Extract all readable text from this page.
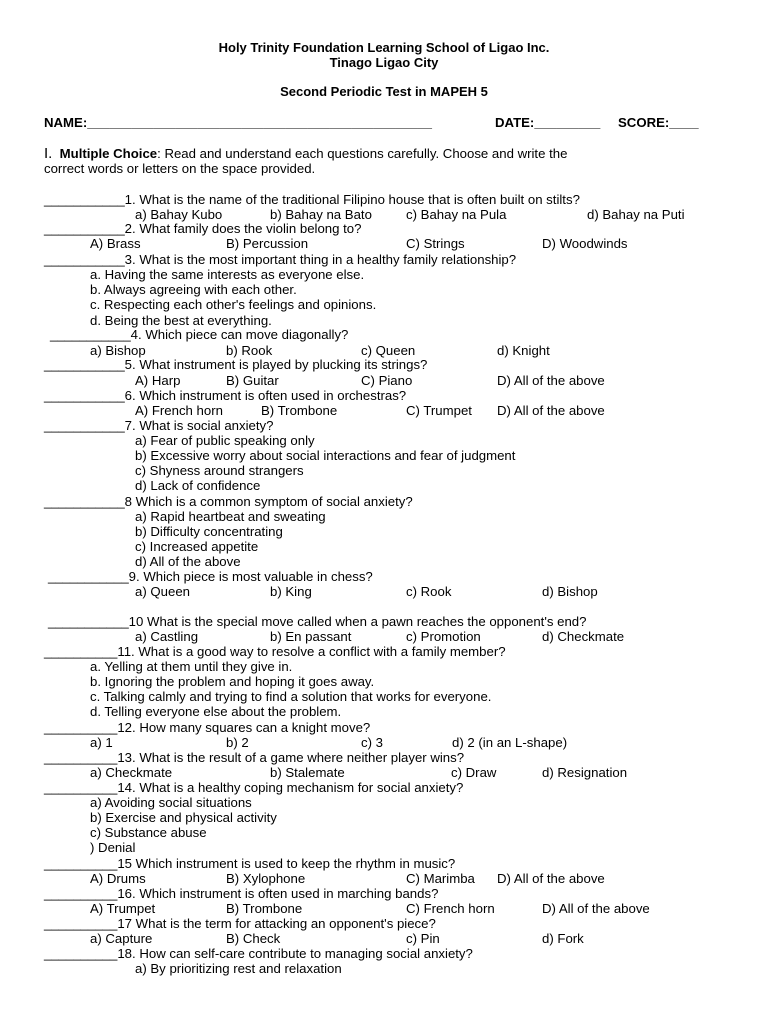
Holy Trinity Foundation Learning School of Ligao Inc.
Tinago Ligao City
Second Periodic Test in MAPEH 5
NAME:_______________________________________________	DATE:_________ SCORE:____
I. Multiple Choice: Read and understand each questions carefully. Choose and write the
correct words or letters on the space provided.
___________1. What is the name of the traditional Filipino house that is often built on stilts?
a) Bahay Kubo	b) Bahay na Bato	c) Bahay na Pula	d) Bahay na Puti
___________2. What family does the violin belong to?
A) Brass	B) Percussion	C) Strings	D) Woodwinds
___________3. What is the most important thing in a healthy family relationship?
a. Having the same interests as everyone else.
b. Always agreeing with each other.
c. Respecting each other's feelings and opinions.
d. Being the best at everything.
___________4. Which piece can move diagonally?
a) Bishop	b) Rook	c) Queen	d) Knight
___________5. What instrument is played by plucking its strings?
A) Harp	B) Guitar	C) Piano	D) All of the above
___________6. Which instrument is often used in orchestras?
A) French horn	B) Trombone	C) Trumpet D) All of the above
___________7. What is social anxiety?
a) Fear of public speaking only
b) Excessive worry about social interactions and fear of judgment
c) Shyness around strangers
d) Lack of confidence
___________8 Which is a common symptom of social anxiety?
a) Rapid heartbeat and sweating
b) Difficulty concentrating
c) Increased appetite
d) All of the above
___________9. Which piece is most valuable in chess?
a) Queen	b) King	c) Rook	d) Bishop
___________10 What is the special move called when a pawn reaches the opponent's end?
a) Castling	b) En passant	c) Promotion	d) Checkmate
__________11. What is a good way to resolve a conflict with a family member?
a. Yelling at them until they give in.
b. Ignoring the problem and hoping it goes away.
c. Talking calmly and trying to find a solution that works for everyone.
d. Telling everyone else about the problem.
__________12. How many squares can a knight move?
a) 1	b) 2	c) 3	d) 2 (in an L-shape)
__________13. What is the result of a game where neither player wins?
a) Checkmate	b) Stalemate	c) Draw	d) Resignation
__________14. What is a healthy coping mechanism for social anxiety?
a) Avoiding social situations
b) Exercise and physical activity
c) Substance abuse
) Denial
__________15 Which instrument is used to keep the rhythm in music?
A) Drums	B) Xylophone	C) Marimba D) All of the above
__________16. Which instrument is often used in marching bands?
A) Trumpet	B) Trombone	C) French horn	D) All of the above
__________17 What is the term for attacking an opponent's piece?
a) Capture	B) Check	c) Pin	d) Fork
__________18. How can self-care contribute to managing social anxiety?
a) By prioritizing rest and relaxation
